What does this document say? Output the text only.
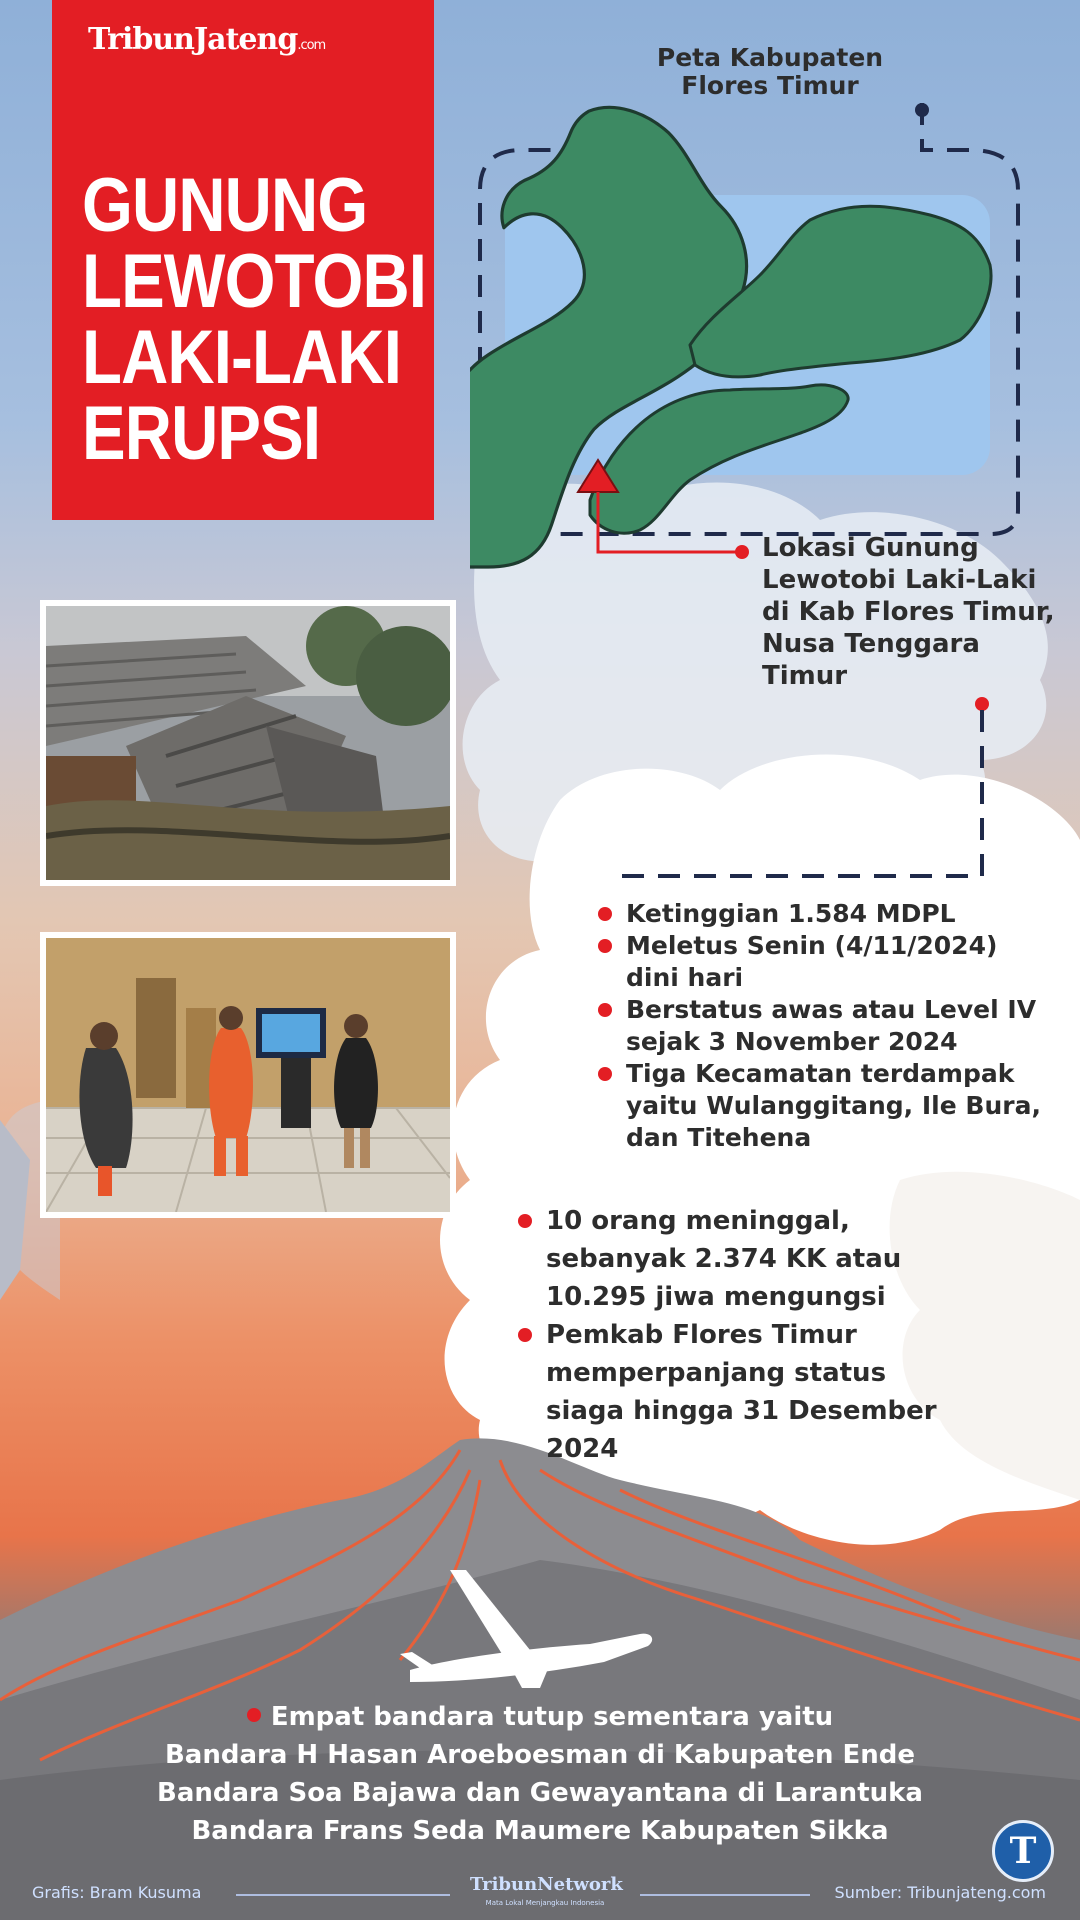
TribunJateng.com
GUNUNG
LEWOTOBI
LAKI-LAKI
ERUPSI
Peta Kabupaten
Flores Timur
Lokasi Gunung Lewotobi Laki-Laki di Kab Flores Timur, Nusa Tenggara Timur
Ketinggian 1.584 MDPL
Meletus Senin (4/11/2024) dini hari
Berstatus awas atau Level IV sejak 3 November 2024
Tiga Kecamatan terdampak yaitu Wulanggitang, Ile Bura, dan Titehena
10 orang meninggal, sebanyak 2.374 KK atau 10.295 jiwa mengungsi
Pemkab Flores Timur memperpanjang status siaga hingga 31 Desember 2024
Empat bandara tutup sementara yaitu
Bandara H Hasan Aroeboesman di Kabupaten Ende
Bandara Soa Bajawa dan Gewayantana di Larantuka
Bandara Frans Seda Maumere Kabupaten Sikka	T
Grafis: Bram Kusuma	TribunNetwork
Mata Lokal Menjangkau Indonesia
Sumber: Tribunjateng.com
